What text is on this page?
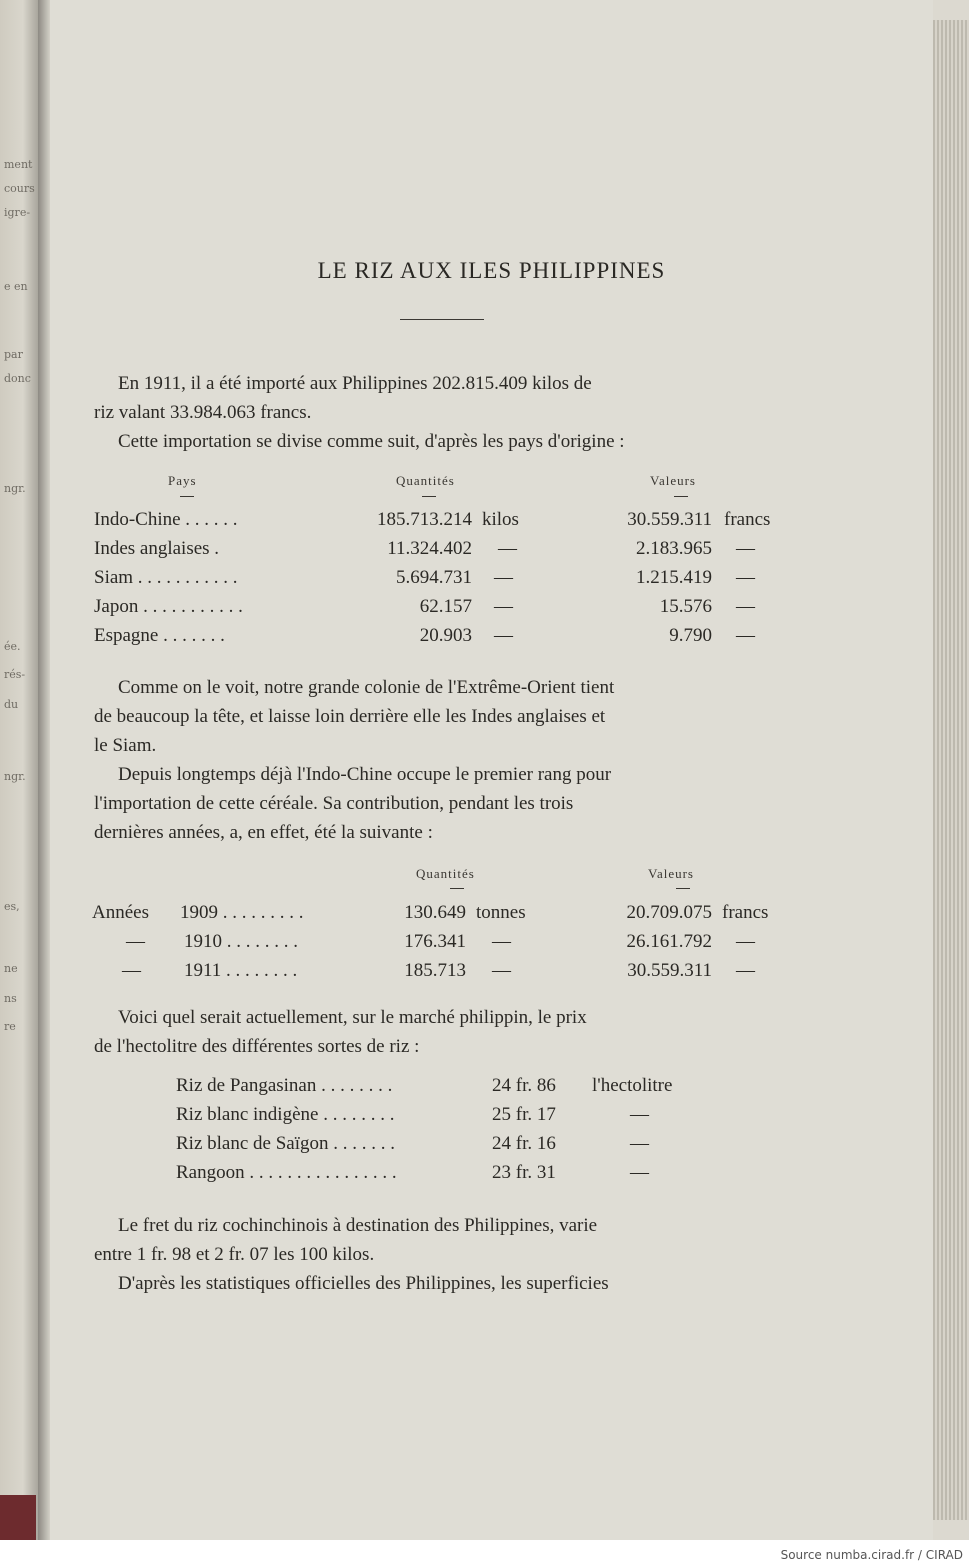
ment
cours
igre-
e en
par
donc
ngr.
ée.
rés-
du
ngr.
es,
ne
ns
re
LE RIZ AUX ILES PHILIPPINES
En 1911, il a été importé aux Philippines 202.815.409 kilos de
riz valant 33.984.063 francs.
Cette importation se divise comme suit, d'après les pays d'origine :
Pays	Quantités	Valeurs
Indo-Chine . . . . . .	185.713.214 kilos	30.559.311 francs
Indes anglaises .	11.324.402 —	2.183.965 —
Siam . . . . . . . . . . .	5.694.731 —	1.215.419 —
Japon . . . . . . . . . . .	62.157 —	15.576 —
Espagne . . . . . . .	20.903 —	9.790 —
Comme on le voit, notre grande colonie de l'Extrême-Orient tient
de beaucoup la tête, et laisse loin derrière elle les Indes anglaises et
le Siam.
Depuis longtemps déjà l'Indo-Chine occupe le premier rang pour
l'importation de cette céréale. Sa contribution, pendant les trois
dernières années, a, en effet, été la suivante :
Quantités	Valeurs
Années 1909 . . . . . . . . .	130.649 tonnes	20.709.075 francs
— 1910 . . . . . . . .	176.341 —	26.161.792 —
— 1911 . . . . . . . .	185.713 —	30.559.311 —
Voici quel serait actuellement, sur le marché philippin, le prix
de l'hectolitre des différentes sortes de riz :
Riz de Pangasinan . . . . . . . .	24 fr. 86 l'hectolitre
Riz blanc indigène . . . . . . . .	25 fr. 17	—
Riz blanc de Saïgon . . . . . . .	24 fr. 16	—
Rangoon . . . . . . . . . . . . . . . .	23 fr. 31	—
Le fret du riz cochinchinois à destination des Philippines, varie
entre 1 fr. 98 et 2 fr. 07 les 100 kilos.
D'après les statistiques officielles des Philippines, les superficies
Source numba.cirad.fr / CIRAD
